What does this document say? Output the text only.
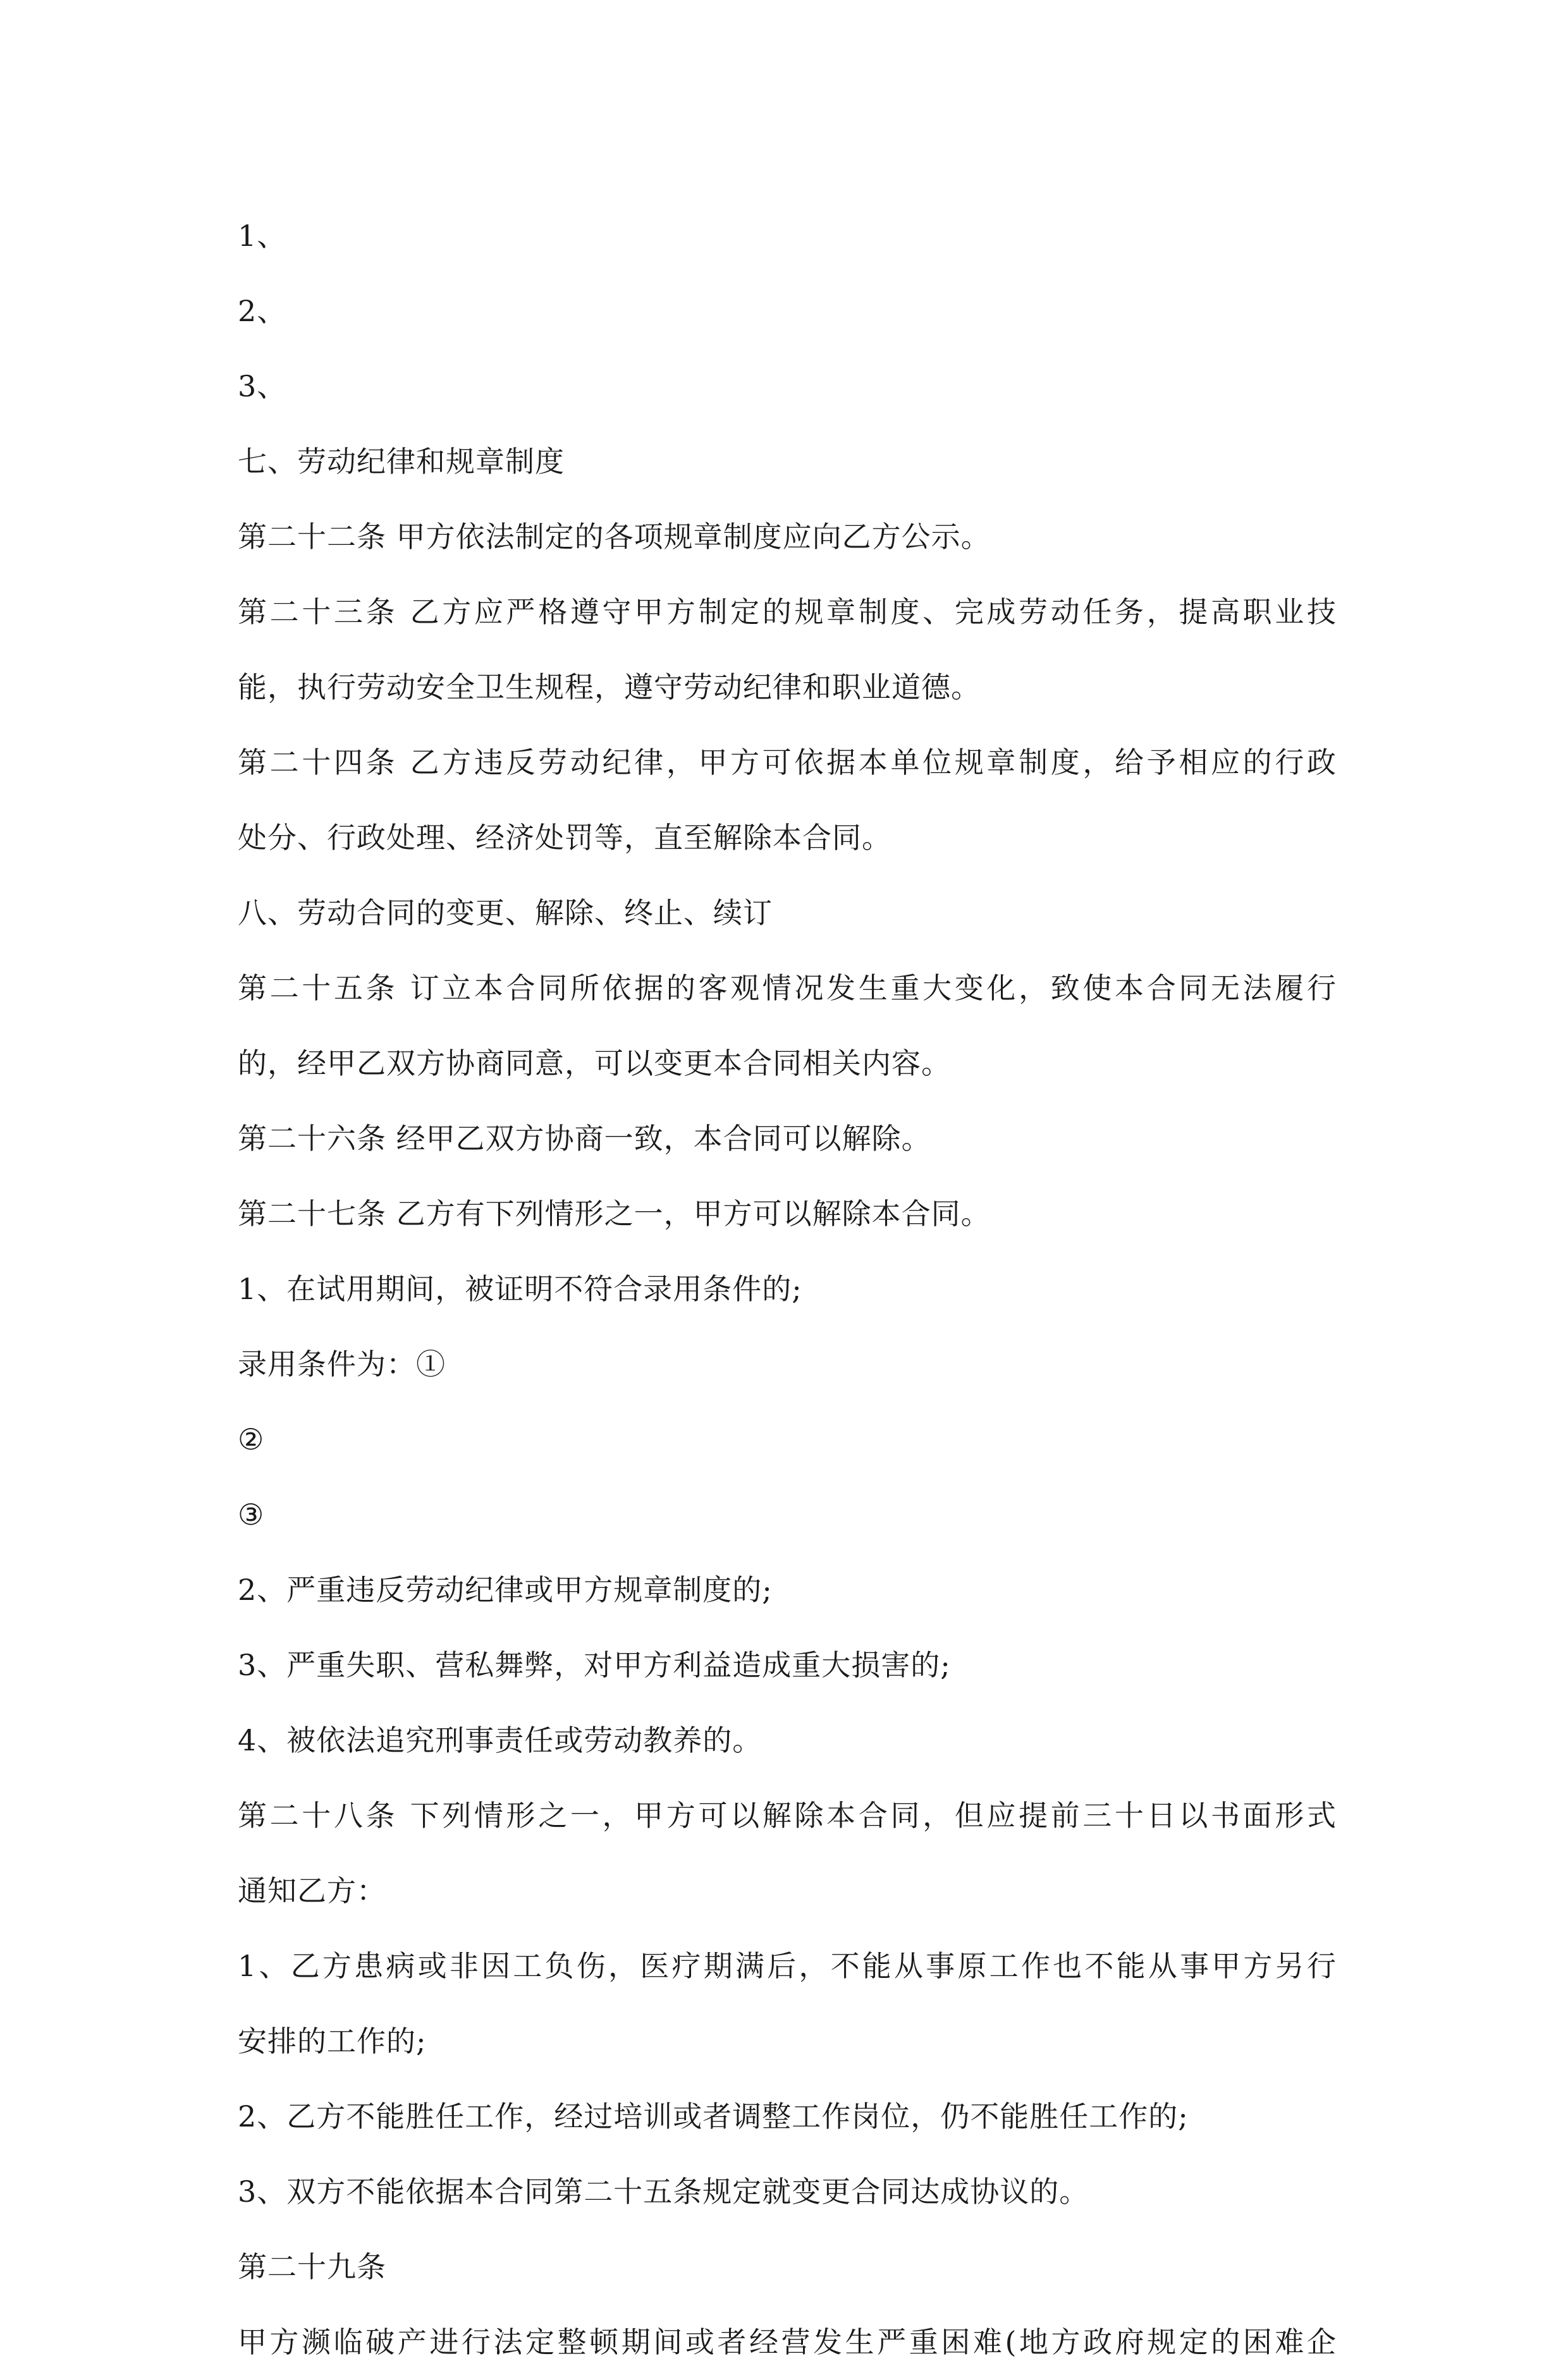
1、
2、
3、
七、劳动纪律和规章制度
第二十二条 甲方依法制定的各项规章制度应向乙方公示。
第二十三条 乙方应严格遵守甲方制定的规章制度、完成劳动任务，提高职业技
能，执行劳动安全卫生规程，遵守劳动纪律和职业道德。
第二十四条 乙方违反劳动纪律，甲方可依据本单位规章制度，给予相应的行政
处分、行政处理、经济处罚等，直至解除本合同。
八、劳动合同的变更、解除、终止、续订
第二十五条 订立本合同所依据的客观情况发生重大变化，致使本合同无法履行
的，经甲乙双方协商同意，可以变更本合同相关内容。
第二十六条 经甲乙双方协商一致，本合同可以解除。
第二十七条 乙方有下列情形之一，甲方可以解除本合同。
1、在试用期间，被证明不符合录用条件的;
录用条件为：①
②
③
2、严重违反劳动纪律或甲方规章制度的;
3、严重失职、营私舞弊，对甲方利益造成重大损害的;
4、被依法追究刑事责任或劳动教养的。
第二十八条 下列情形之一，甲方可以解除本合同，但应提前三十日以书面形式
通知乙方：
1、乙方患病或非因工负伤，医疗期满后，不能从事原工作也不能从事甲方另行
安排的工作的;
2、乙方不能胜任工作，经过培训或者调整工作岗位，仍不能胜任工作的;
3、双方不能依据本合同第二十五条规定就变更合同达成协议的。
第二十九条
甲方濒临破产进行法定整顿期间或者经营发生严重困难(地方政府规定的困难企
